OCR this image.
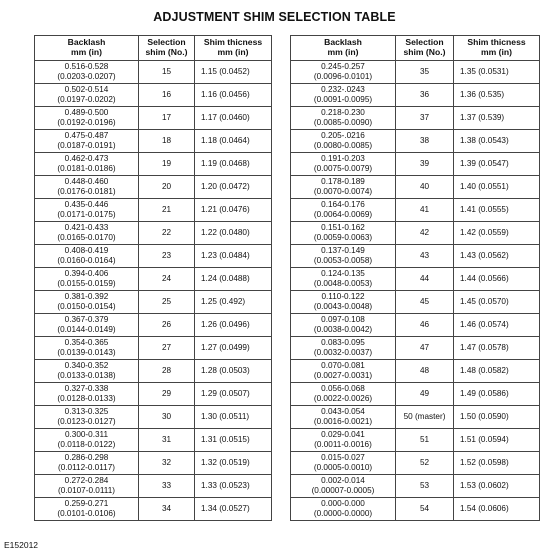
ADJUSTMENT SHIM SELECTION TABLE
Backlash
mm (in)	Selection
shim (No.)	Shim thicness
mm (in)

0.516-0.528
(0.0203-0.0207)	15	1.15 (0.0452)

0.502-0.514
(0.0197-0.0202)	16	1.16 (0.0456)

0.489-0.500
(0.0192-0.0196)	17	1.17 (0.0460)

0.475-0.487
(0.0187-0.0191)	18	1.18 (0.0464)

0.462-0.473
(0.0181-0.0186)	19	1.19 (0.0468)

0.448-0.460
(0.0176-0.0181)	20	1.20 (0.0472)

0.435-0.446
(0.0171-0.0175)	21	1.21 (0.0476)

0.421-0.433
(0.0165-0.0170)	22	1.22 (0.0480)

0.408-0.419
(0.0160-0.0164)	23	1.23 (0.0484)

0.394-0.406
(0.0155-0.0159)	24	1.24 (0.0488)

0.381-0.392
(0.0150-0.0154)	25	1.25 (0.492)

0.367-0.379
(0.0144-0.0149)	26	1.26 (0.0496)

0.354-0.365
(0.0139-0.0143)	27	1.27 (0.0499)

0.340-0.352
(0.0133-0.0138)	28	1.28 (0.0503)

0.327-0.338
(0.0128-0.0133)	29	1.29 (0.0507)

0.313-0.325
(0.0123-0.0127)	30	1.30 (0.0511)

0.300-0.311
(0.0118-0.0122)	31	1.31 (0.0515)

0.286-0.298
(0.0112-0.0117)	32	1.32 (0.0519)

0.272-0.284
(0.0107-0.0111)	33	1.33 (0.0523)

0.259-0.271
(0.0101-0.0106)	34	1.34 (0.0527)
Backlash
mm (in)	Selection
shim (No.)	Shim thicness
mm (in)

0.245-0.257
(0.0096-0.0101)	35	1.35 (0.0531)

0.232-.0243
(0.0091-0.0095)	36	1.36 (0.535)

0.218-0.230
(0.0085-0.0090)	37	1.37 (0.539)

0.205-.0216
(0.0080-0.0085)	38	1.38 (0.0543)

0.191-0.203
(0.0075-0.0079)	39	1.39 (0.0547)

0.178-0.189
(0.0070-0.0074)	40	1.40 (0.0551)

0.164-0.176
(0.0064-0.0069)	41	1.41 (0.0555)

0.151-0.162
(0.0059-0.0063)	42	1.42 (0.0559)

0.137-0.149
(0.0053-0.0058)	43	1.43 (0.0562)

0.124-0.135
(0.0048-0.0053)	44	1.44 (0.0566)

0.110-0.122
(0.0043-0.0048)	45	1.45 (0.0570)

0.097-0.108
(0.0038-0.0042)	46	1.46 (0.0574)

0.083-0.095
(0.0032-0.0037)	47	1.47 (0.0578)

0.070-0.081
(0.0027-0.0031)	48	1.48 (0.0582)

0.056-0.068
(0.0022-0.0026)	49	1.49 (0.0586)

0.043-0.054
(0.0016-0.0021)	50 (master)	1.50 (0.0590)

0.029-0.041
(0.0011-0.0016)	51	1.51 (0.0594)

0.015-0.027
(0.0005-0.0010)	52	1.52 (0.0598)

0.002-0.014
(0.00007-0.0005)	53	1.53 (0.0602)

0.000-0.000
(0.0000-0.0000)	54	1.54 (0.0606)
E152012
